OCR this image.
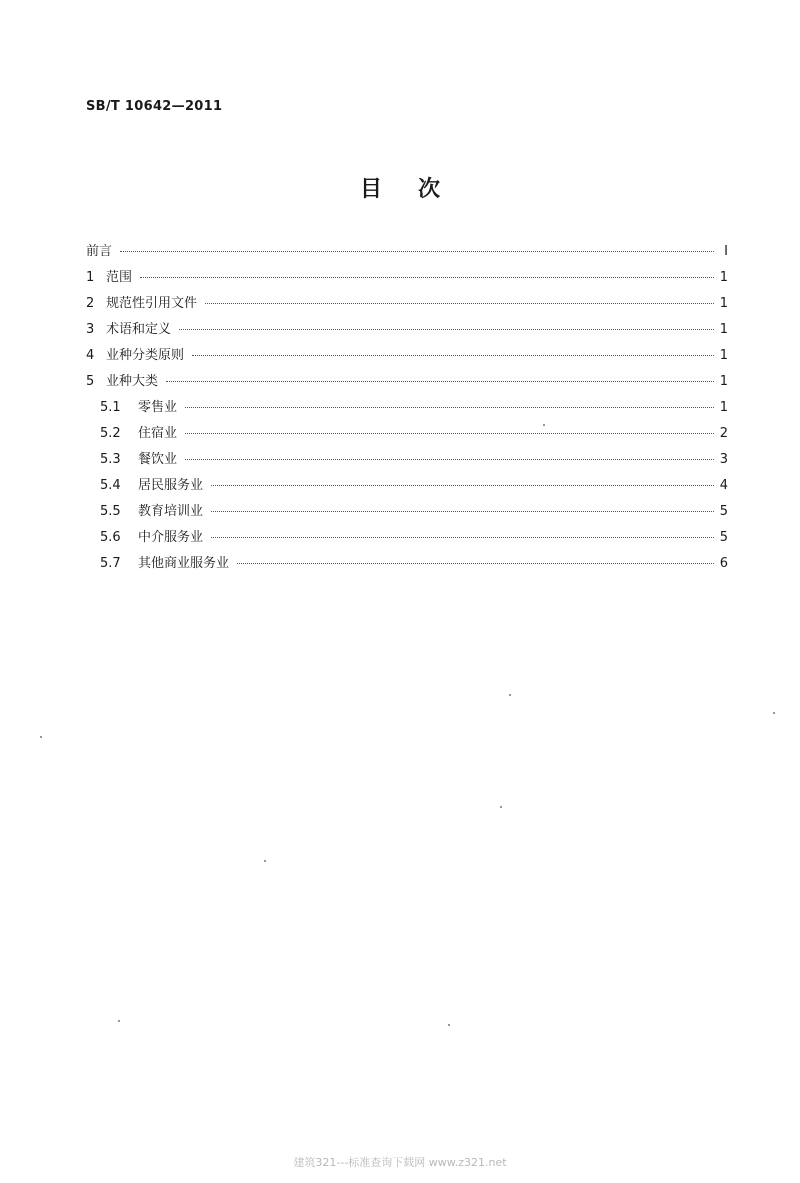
SB/T 10642—2011
目次
前言	Ⅰ
1 范围	1
2 规范性引用文件	1
3 术语和定义	1
4 业种分类原则	1
5 业种大类	1
5.1	零售业	1
5.2	住宿业	2
5.3	餐饮业	3
5.4	居民服务业	4
5.5	教育培训业	5
5.6	中介服务业	5
5.7	其他商业服务业	6
建筑321---标准查询下载网 www.z321.net
